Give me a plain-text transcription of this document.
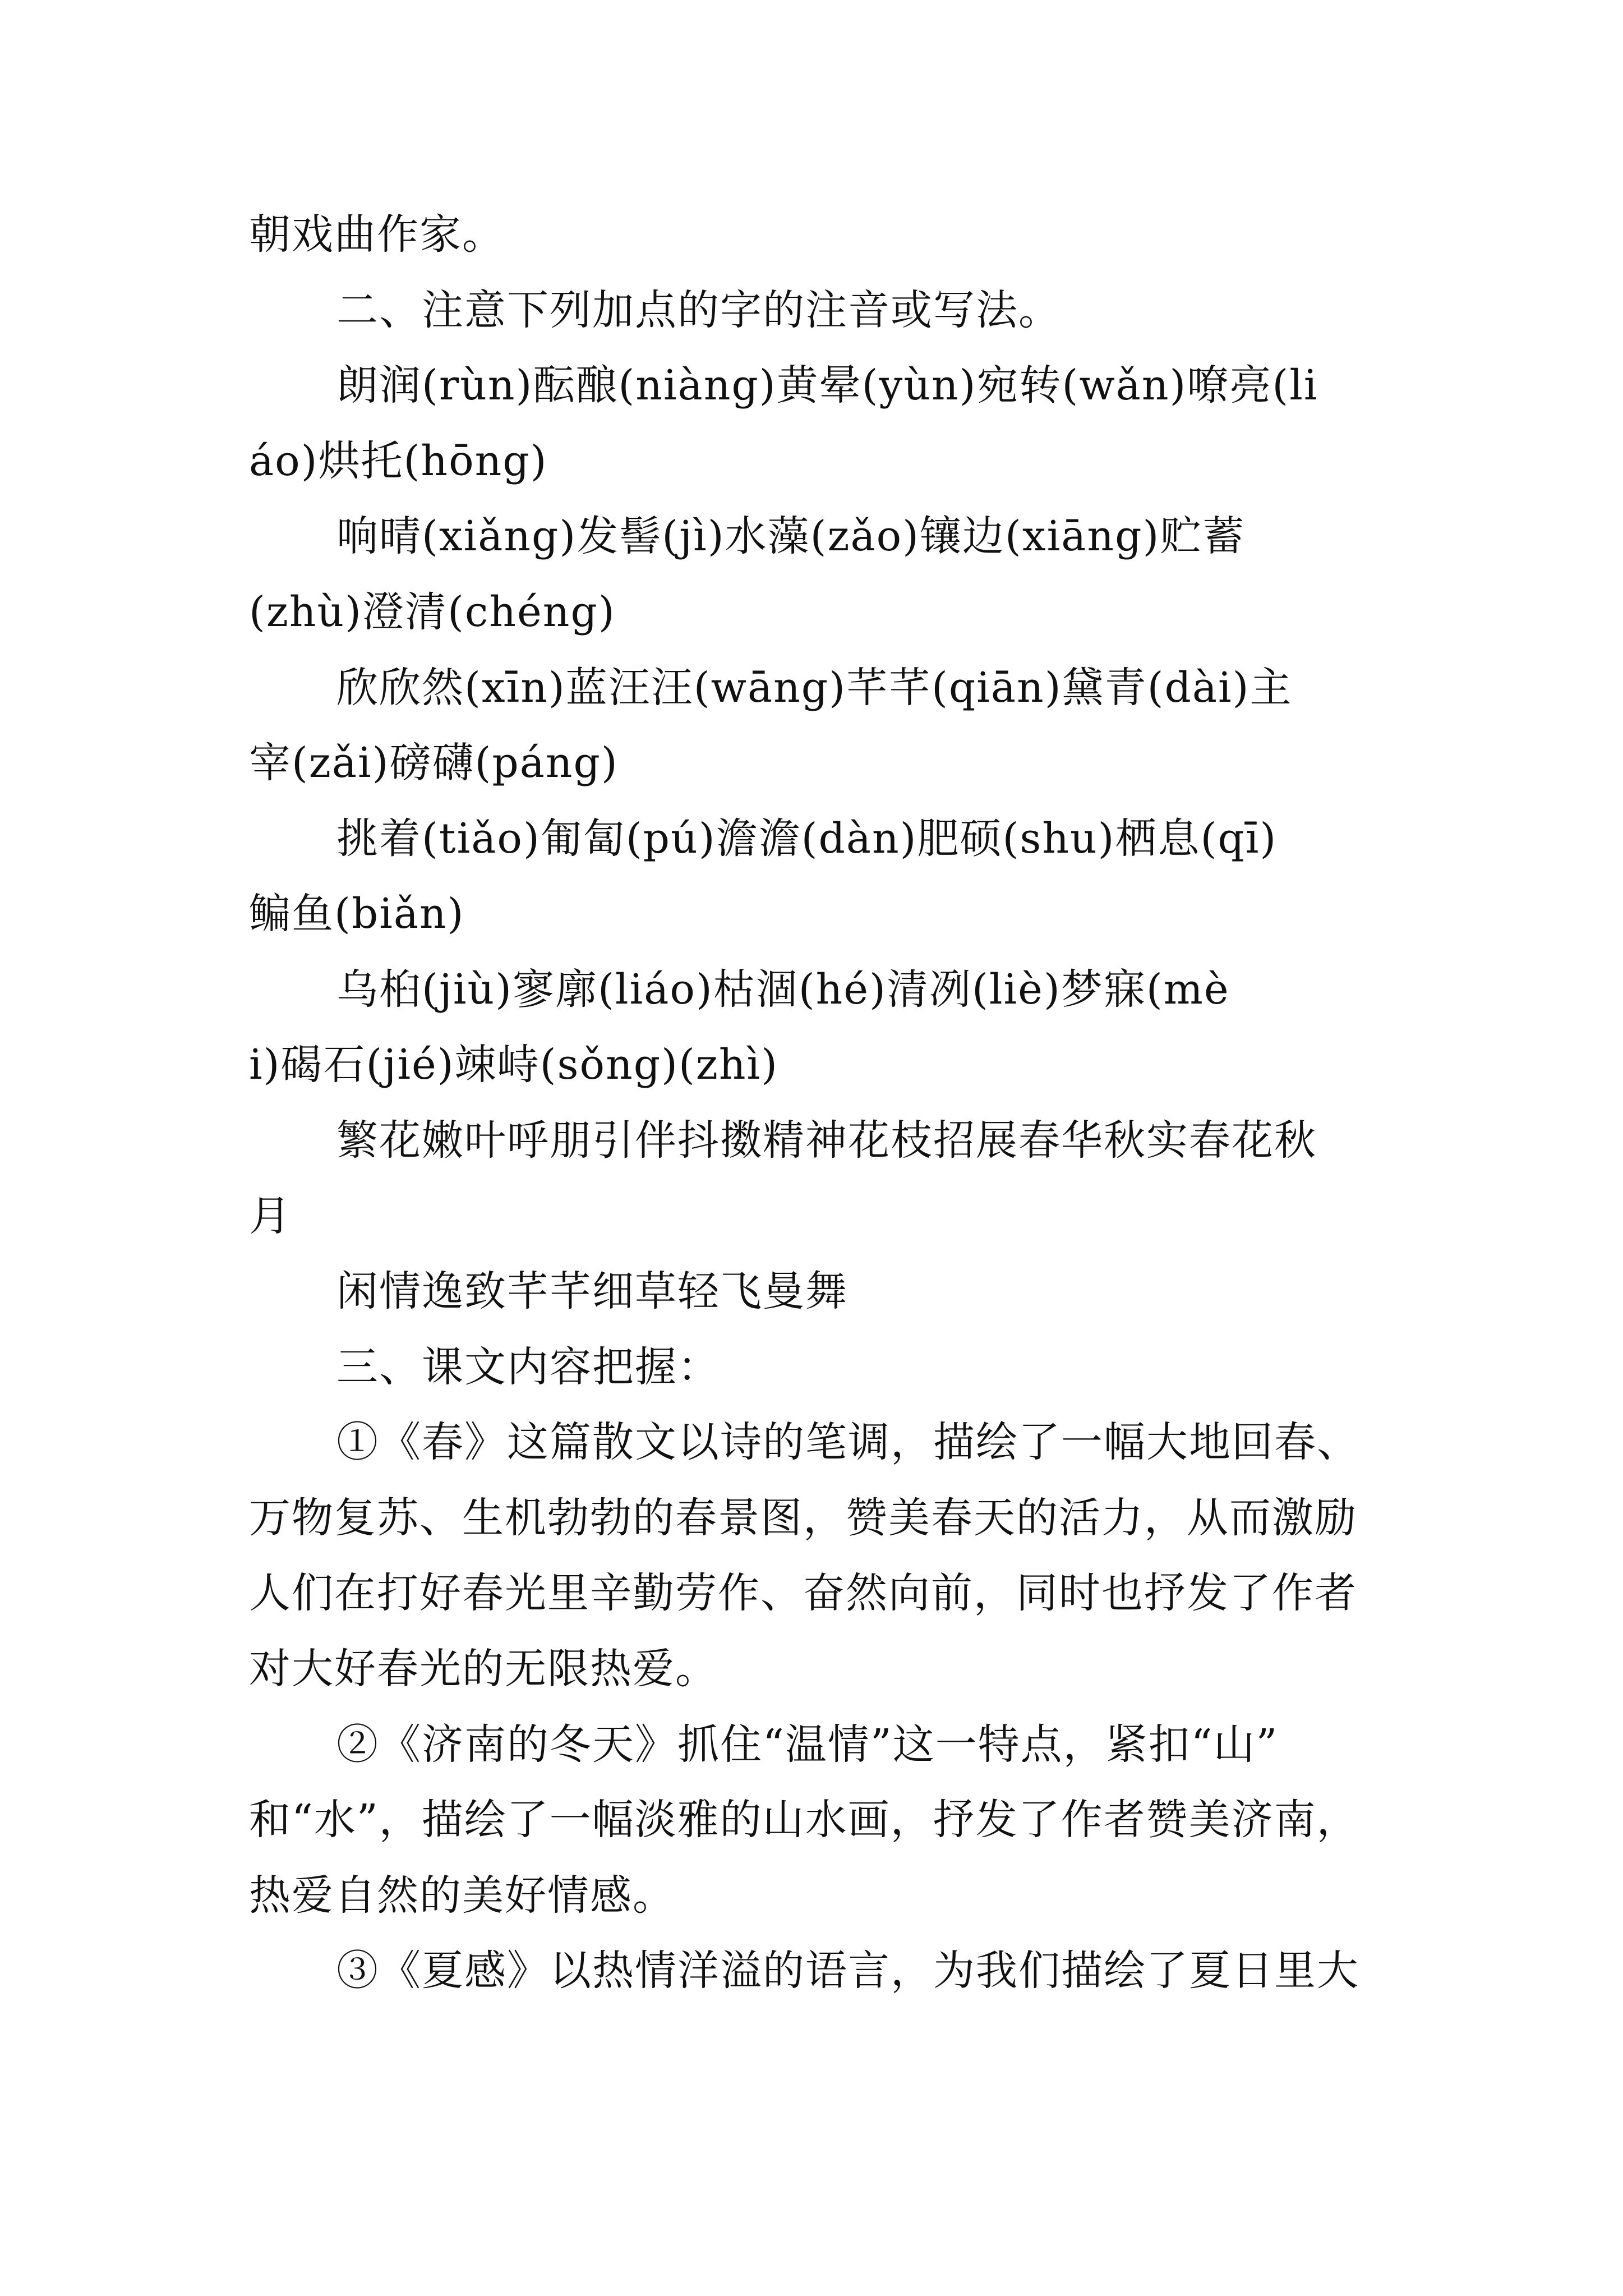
朝戏曲作家。
二、注意下列加点的字的注音或写法。
朗润(rùn)酝酿(niàng)黄晕(yùn)宛转(wǎn)嘹亮(li
áo)烘托(hōng)
响晴(xiǎng)发髻(jì)水藻(zǎo)镶边(xiāng)贮蓄
(zhù)澄清(chéng)
欣欣然(xīn)蓝汪汪(wāng)芊芊(qiān)黛青(dài)主
宰(zǎi)磅礴(páng)
挑着(tiǎo)匍匐(pú)澹澹(dàn)肥硕(shu)栖息(qī)
鳊鱼(biǎn)
乌桕(jiù)寥廓(liáo)枯涸(hé)清冽(liè)梦寐(mè
i)碣石(jié)竦峙(sǒng)(zhì)
繁花嫩叶呼朋引伴抖擞精神花枝招展春华秋实春花秋
月
闲情逸致芊芊细草轻飞曼舞
三、课文内容把握：
①《春》这篇散文以诗的笔调，描绘了一幅大地回春、
万物复苏、生机勃勃的春景图，赞美春天的活力，从而激励
人们在打好春光里辛勤劳作、奋然向前，同时也抒发了作者
对大好春光的无限热爱。
②《济南的冬天》抓住“温情”这一特点，紧扣“山”
和“水”，描绘了一幅淡雅的山水画，抒发了作者赞美济南，
热爱自然的美好情感。
③《夏感》以热情洋溢的语言，为我们描绘了夏日里大
